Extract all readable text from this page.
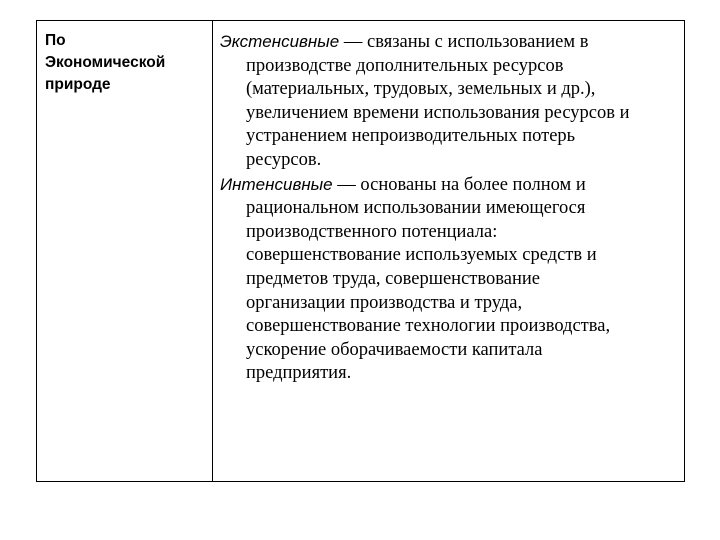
По
Экономической
природе
Экстенсивные — связаны с использованием в
производстве дополнительных ресурсов
(материальных, трудовых, земельных и др.),
увеличением времени использования ресурсов и
устранением непроизводительных потерь
ресурсов.
Интенсивные — основаны на более полном и
рациональном использовании имеющегося
производственного потенциала:
совершенствование используемых средств и
предметов труда, совершенствование
организации производства и труда,
совершенствование технологии производства,
ускорение оборачиваемости капитала
предприятия.
